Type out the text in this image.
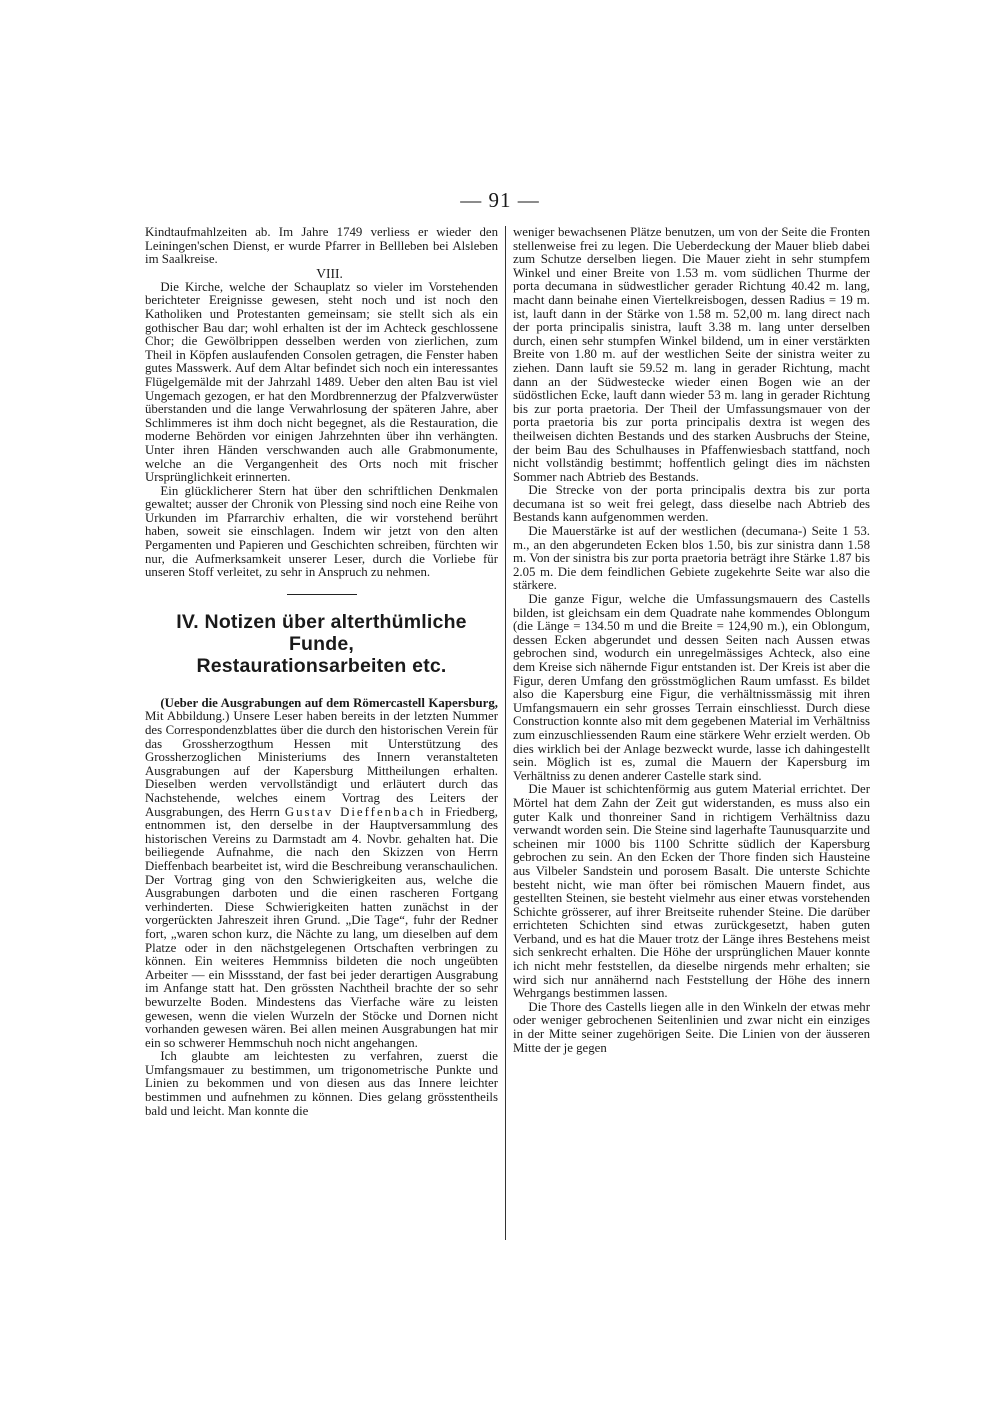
— 91 —

Kindtaufmahlzeiten ab. Im Jahre 1749 verliess er wieder den Leiningen'schen Dienst, er wurde Pfarrer in Bellleben bei Alsleben im Saalkreise.

VIII.

Die Kirche, welche der Schauplatz so vieler im Vorstehenden berichteter Ereignisse gewesen, steht noch und ist noch den Katholiken und Protestanten gemeinsam; sie stellt sich als ein gothischer Bau dar; wohl erhalten ist der im Achteck geschlossene Chor; die Gewölbrippen desselben werden von zierlichen, zum Theil in Köpfen auslaufenden Consolen getragen, die Fenster haben gutes Masswerk. Auf dem Altar befindet sich noch ein interessantes Flügelgemälde mit der Jahrzahl 1489. Ueber den alten Bau ist viel Ungemach gezogen, er hat den Mordbrennerzug der Pfalzverwüster überstanden und die lange Verwahrlosung der späteren Jahre, aber Schlimmeres ist ihm doch nicht begegnet, als die Restauration, die moderne Behörden vor einigen Jahrzehnten über ihn verhängten. Unter ihren Händen verschwanden auch alle Grabmonumente, welche an die Vergangenheit des Orts noch mit frischer Ursprünglichkeit erinnerten.

Ein glücklicherer Stern hat über den schriftlichen Denkmalen gewaltet; ausser der Chronik von Plessing sind noch eine Reihe von Urkunden im Pfarrarchiv erhalten, die wir vorstehend berührt haben, soweit sie einschlagen. Indem wir jetzt von den alten Pergamenten und Papieren und Geschichten schreiben, fürchten wir nur, die Aufmerksamkeit unserer Leser, durch die Vorliebe für unseren Stoff verleitet, zu sehr in Anspruch zu nehmen.

IV. Notizen über alterthümliche Funde,
Restaurationsarbeiten etc.

(Ueber die Ausgrabungen auf dem Römercastell Kapersburg, Mit Abbildung.) Unsere Leser haben bereits in der letzten Nummer des Correspondenzblattes über die durch den historischen Verein für das Grossherzogthum Hessen mit Unterstützung des Grossherzoglichen Ministeriums des Innern veranstalteten Ausgrabungen auf der Kapersburg Mittheilungen erhalten. Dieselben werden vervollständigt und erläutert durch das Nachstehende, welches einem Vortrag des Leiters der Ausgrabungen, des Herrn Gustav Dieffenbach in Friedberg, entnommen ist, den derselbe in der Hauptversammlung des historischen Vereins zu Darmstadt am 4. Novbr. gehalten hat. Die beiliegende Aufnahme, die nach den Skizzen von Herrn Dieffenbach bearbeitet ist, wird die Beschreibung veranschaulichen. Der Vortrag ging von den Schwierigkeiten aus, welche die Ausgrabungen darboten und die einen rascheren Fortgang verhinderten. Diese Schwierigkeiten hatten zunächst in der vorgerückten Jahreszeit ihren Grund. „Die Tage“, fuhr der Redner fort, „waren schon kurz, die Nächte zu lang, um dieselben auf dem Platze oder in den nächstgelegenen Ortschaften verbringen zu können. Ein weiteres Hemmniss bildeten die noch ungeübten Arbeiter — ein Missstand, der fast bei jeder derartigen Ausgrabung im Anfange statt hat. Den grössten Nachtheil brachte der so sehr bewurzelte Boden. Mindestens das Vierfache wäre zu leisten gewesen, wenn die vielen Wurzeln der Stöcke und Dornen nicht vorhanden gewesen wären. Bei allen meinen Ausgrabungen hat mir ein so schwerer Hemmschuh noch nicht angehangen.

Ich glaubte am leichtesten zu verfahren, zuerst die Umfangsmauer zu bestimmen, um trigonometrische Punkte und Linien zu bekommen und von diesen aus das Innere leichter bestimmen und aufnehmen zu können. Dies gelang grösstentheils bald und leicht. Man konnte die

weniger bewachsenen Plätze benutzen, um von der Seite die Fronten stellenweise frei zu legen. Die Ueberdeckung der Mauer blieb dabei zum Schutze derselben liegen. Die Mauer zieht in sehr stumpfem Winkel und einer Breite von 1.53 m. vom südlichen Thurme der porta decumana in südwestlicher gerader Richtung 40.42 m. lang, macht dann beinahe einen Viertelkreisbogen, dessen Radius = 19 m. ist, lauft dann in der Stärke von 1.58 m. 52,00 m. lang direct nach der porta principalis sinistra, lauft 3.38 m. lang unter derselben durch, einen sehr stumpfen Winkel bildend, um in einer verstärkten Breite von 1.80 m. auf der westlichen Seite der sinistra weiter zu ziehen. Dann lauft sie 59.52 m. lang in gerader Richtung, macht dann an der Südwestecke wieder einen Bogen wie an der südöstlichen Ecke, lauft dann wieder 53 m. lang in gerader Richtung bis zur porta praetoria. Der Theil der Umfassungsmauer von der porta praetoria bis zur porta principalis dextra ist wegen des theilweisen dichten Bestands und des starken Ausbruchs der Steine, der beim Bau des Schulhauses in Pfaffenwiesbach stattfand, noch nicht vollständig bestimmt; hoffentlich gelingt dies im nächsten Sommer nach Abtrieb des Bestands.

Die Strecke von der porta principalis dextra bis zur porta decumana ist so weit frei gelegt, dass dieselbe nach Abtrieb des Bestands kann aufgenommen werden.

Die Mauerstärke ist auf der westlichen (decumana-) Seite 1 53. m., an den abgerundeten Ecken blos 1.50, bis zur sinistra dann 1.58 m. Von der sinistra bis zur porta praetoria beträgt ihre Stärke 1.87 bis 2.05 m. Die dem feindlichen Gebiete zugekehrte Seite war also die stärkere.

Die ganze Figur, welche die Umfassungsmauern des Castells bilden, ist gleichsam ein dem Quadrate nahe kommendes Oblongum (die Länge = 134.50 m und die Breite = 124,90 m.), ein Oblongum, dessen Ecken abgerundet und dessen Seiten nach Aussen etwas gebrochen sind, wodurch ein unregelmässiges Achteck, also eine dem Kreise sich nähernde Figur entstanden ist. Der Kreis ist aber die Figur, deren Umfang den grösstmöglichen Raum umfasst. Es bildet also die Kapersburg eine Figur, die verhältnissmässig mit ihren Umfangsmauern ein sehr grosses Terrain einschliesst. Durch diese Construction konnte also mit dem gegebenen Material im Verhältniss zum einzuschliessenden Raum eine stärkere Wehr erzielt werden. Ob dies wirklich bei der Anlage bezweckt wurde, lasse ich dahingestellt sein. Möglich ist es, zumal die Mauern der Kapersburg im Verhältniss zu denen anderer Castelle stark sind.

Die Mauer ist schichtenförmig aus gutem Material errichtet. Der Mörtel hat dem Zahn der Zeit gut widerstanden, es muss also ein guter Kalk und thonreiner Sand in richtigem Verhältniss dazu verwandt worden sein. Die Steine sind lagerhafte Taunusquarzite und scheinen mir 1000 bis 1100 Schritte südlich der Kapersburg gebrochen zu sein. An den Ecken der Thore finden sich Hausteine aus Vilbeler Sandstein und porosem Basalt. Die unterste Schichte besteht nicht, wie man öfter bei römischen Mauern findet, aus gestellten Steinen, sie besteht vielmehr aus einer etwas vorstehenden Schichte grösserer, auf ihrer Breitseite ruhender Steine. Die darüber errichteten Schichten sind etwas zurückgesetzt, haben guten Verband, und es hat die Mauer trotz der Länge ihres Bestehens meist sich senkrecht erhalten. Die Höhe der ursprünglichen Mauer konnte ich nicht mehr feststellen, da dieselbe nirgends mehr erhalten; sie wird sich nur annähernd nach Feststellung der Höhe des innern Wehrgangs bestimmen lassen.

Die Thore des Castells liegen alle in den Winkeln der etwas mehr oder weniger gebrochenen Seitenlinien und zwar nicht ein einziges in der Mitte seiner zugehörigen Seite. Die Linien von der äusseren Mitte der je gegen
